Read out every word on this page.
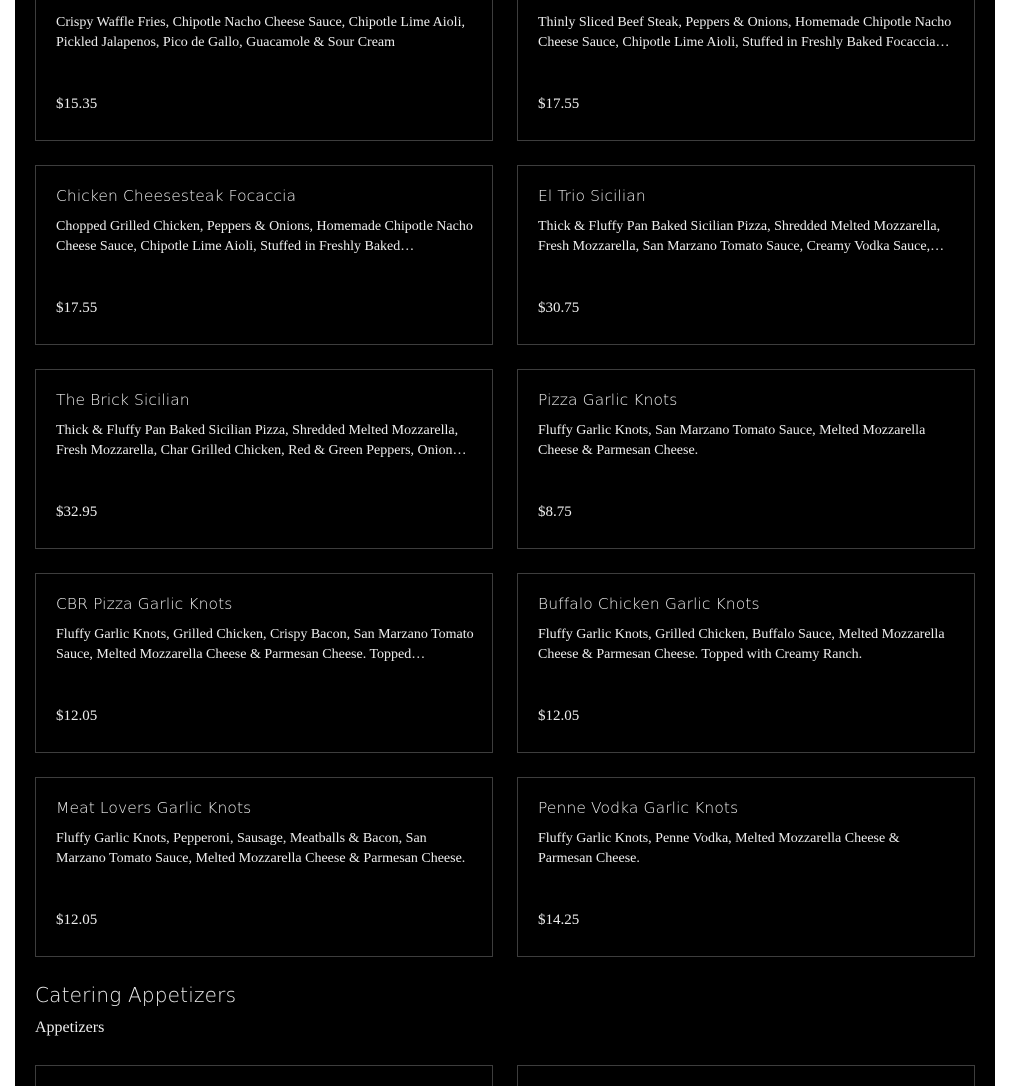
Crispy Waffle Fries, Chipotle Nacho Cheese Sauce, Chipotle Lime Aioli, Pickled Jalapenos, Pico de Gallo, Guacamole & Sour Cream
$15.35
Thinly Sliced Beef Steak, Peppers & Onions, Homemade Chipotle Nacho Cheese Sauce, Chipotle Lime Aioli, Stuffed in Freshly Baked Focaccia…
$17.55
Chicken Cheesesteak Focaccia
Chopped Grilled Chicken, Peppers & Onions, Homemade Chipotle Nacho Cheese Sauce, Chipotle Lime Aioli, Stuffed in Freshly Baked…
$17.55
El Trio Sicilian
Thick & Fluffy Pan Baked Sicilian Pizza, Shredded Melted Mozzarella, Fresh Mozzarella, San Marzano Tomato Sauce, Creamy Vodka Sauce,…
$30.75
The Brick Sicilian
Thick & Fluffy Pan Baked Sicilian Pizza, Shredded Melted Mozzarella, Fresh Mozzarella, Char Grilled Chicken, Red & Green Peppers, Onion…
$32.95
Pizza Garlic Knots
Fluffy Garlic Knots, San Marzano Tomato Sauce, Melted Mozzarella Cheese & Parmesan Cheese.
$8.75
CBR Pizza Garlic Knots
Fluffy Garlic Knots, Grilled Chicken, Crispy Bacon, San Marzano Tomato Sauce, Melted Mozzarella Cheese & Parmesan Cheese. Topped…
$12.05
Buffalo Chicken Garlic Knots
Fluffy Garlic Knots, Grilled Chicken, Buffalo Sauce, Melted Mozzarella Cheese & Parmesan Cheese. Topped with Creamy Ranch.
$12.05
Meat Lovers Garlic Knots
Fluffy Garlic Knots, Pepperoni, Sausage, Meatballs & Bacon, San Marzano Tomato Sauce, Melted Mozzarella Cheese & Parmesan Cheese.
$12.05
Penne Vodka Garlic Knots
Fluffy Garlic Knots, Penne Vodka, Melted Mozzarella Cheese & Parmesan Cheese.
$14.25
Catering Appetizers
Appetizers
